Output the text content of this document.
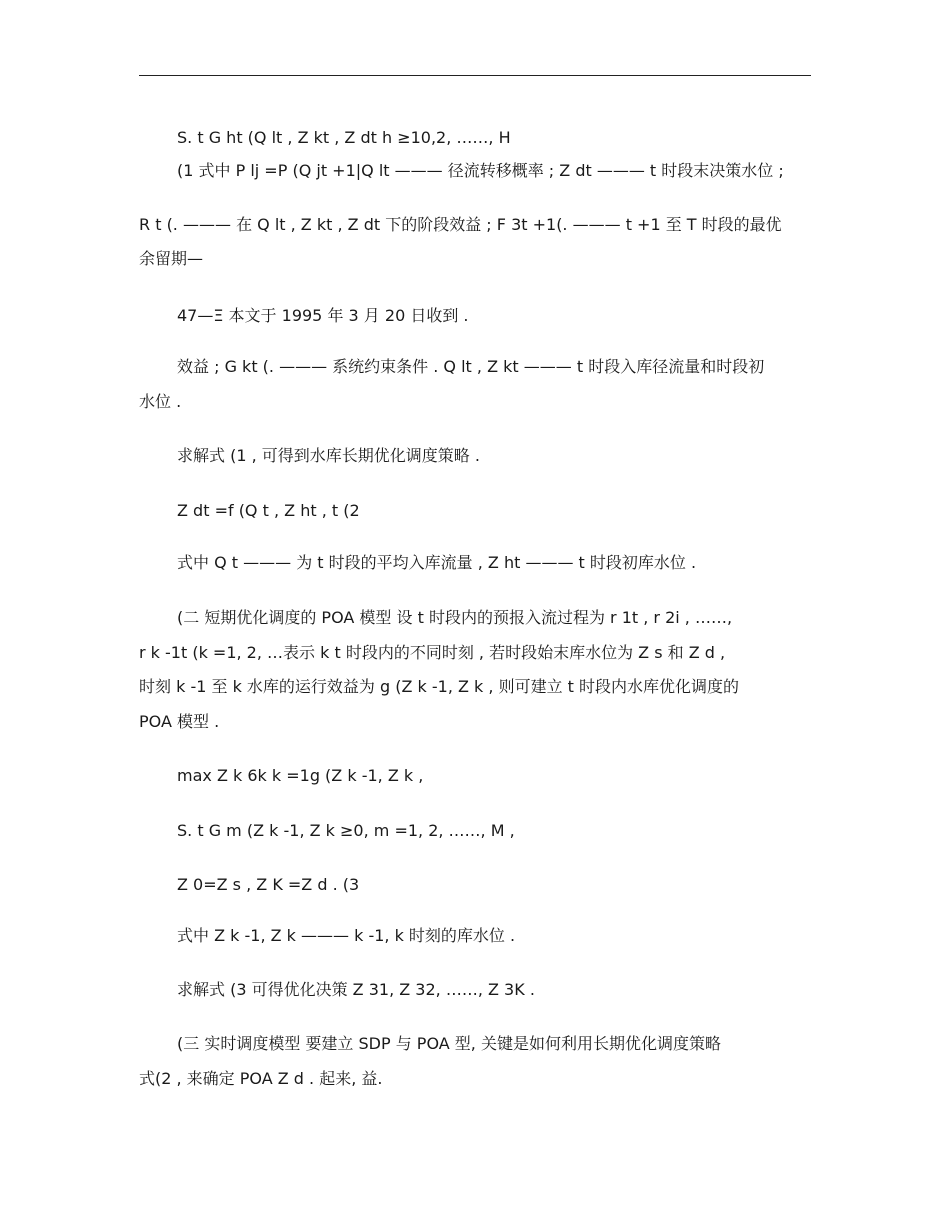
S. t G ht (Q lt , Z kt , Z dt h ≥10,2, ……, H
(1 式中 P lj =P (Q jt +1|Q lt ——— 径流转移概率 ; Z dt ——— t 时段末决策水位 ;
R t (. ——— 在 Q lt , Z kt , Z dt 下的阶段效益 ; F 3t +1(. ——— t +1 至 T 时段的最优
余留期—
47—Ξ 本文于 1995 年 3 月 20 日收到 .
效益 ; G kt (. ——— 系统约束条件 . Q lt , Z kt ——— t 时段入库径流量和时段初
水位 .
求解式 (1 , 可得到水库长期优化调度策略 .
Z dt =f (Q t , Z ht , t (2
式中 Q t ——— 为 t 时段的平均入库流量 , Z ht ——— t 时段初库水位 .
(二 短期优化调度的 POA 模型 设 t 时段内的预报入流过程为 r 1t , r 2i , ……,
r k -1t (k =1, 2, …表示 k t 时段内的不同时刻 , 若时段始末库水位为 Z s 和 Z d ,
时刻 k -1 至 k 水库的运行效益为 g (Z k -1, Z k , 则可建立 t 时段内水库优化调度的
POA 模型 .
max Z k 6k k =1g (Z k -1, Z k ,
S. t G m (Z k -1, Z k ≥0, m =1, 2, ……, M ,
Z 0=Z s , Z K =Z d . (3
式中 Z k -1, Z k ——— k -1, k 时刻的库水位 .
求解式 (3 可得优化决策 Z 31, Z 32, ……, Z 3K .
(三 实时调度模型 要建立 SDP 与 POA 型, 关键是如何利用长期优化调度策略
式(2 , 来确定 POA Z d . 起来, 益.
